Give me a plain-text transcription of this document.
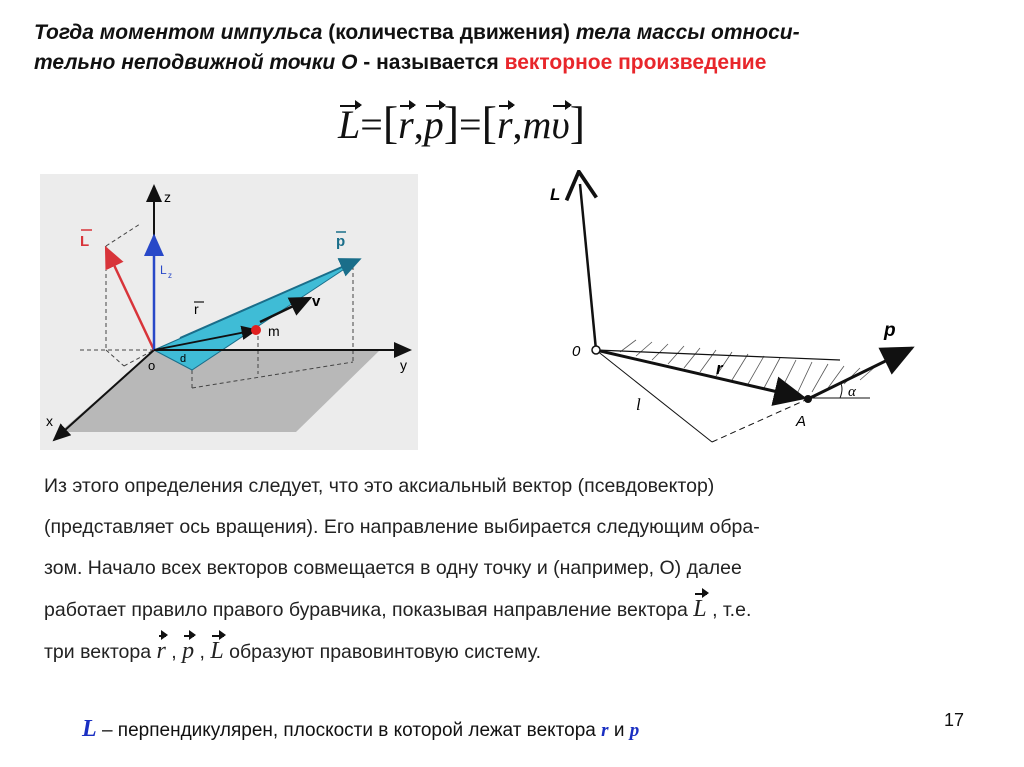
Тогда моментом импульса (количества движения) тела массы относи-
тельно неподвижной точки О - называется векторное произведение
L=[r,p]=[r,mυ]
z
L
L z
p
r	v
m
o d	y
x
L
0
r
p
A
l
α

Из этого определения следует, что это аксиальный вектор (псевдовектор)

(представляет ось вращения). Его направление выбирается следующим обра-

зом. Начало всех векторов совмещается в одну точку и (например, О) далее

работает правило правого буравчика, показывая направление вектора L , т.е.

три вектора r , p , L образуют правовинтовую систему.

L – перпендикулярен, плоскости в которой лежат вектора r и p	17
